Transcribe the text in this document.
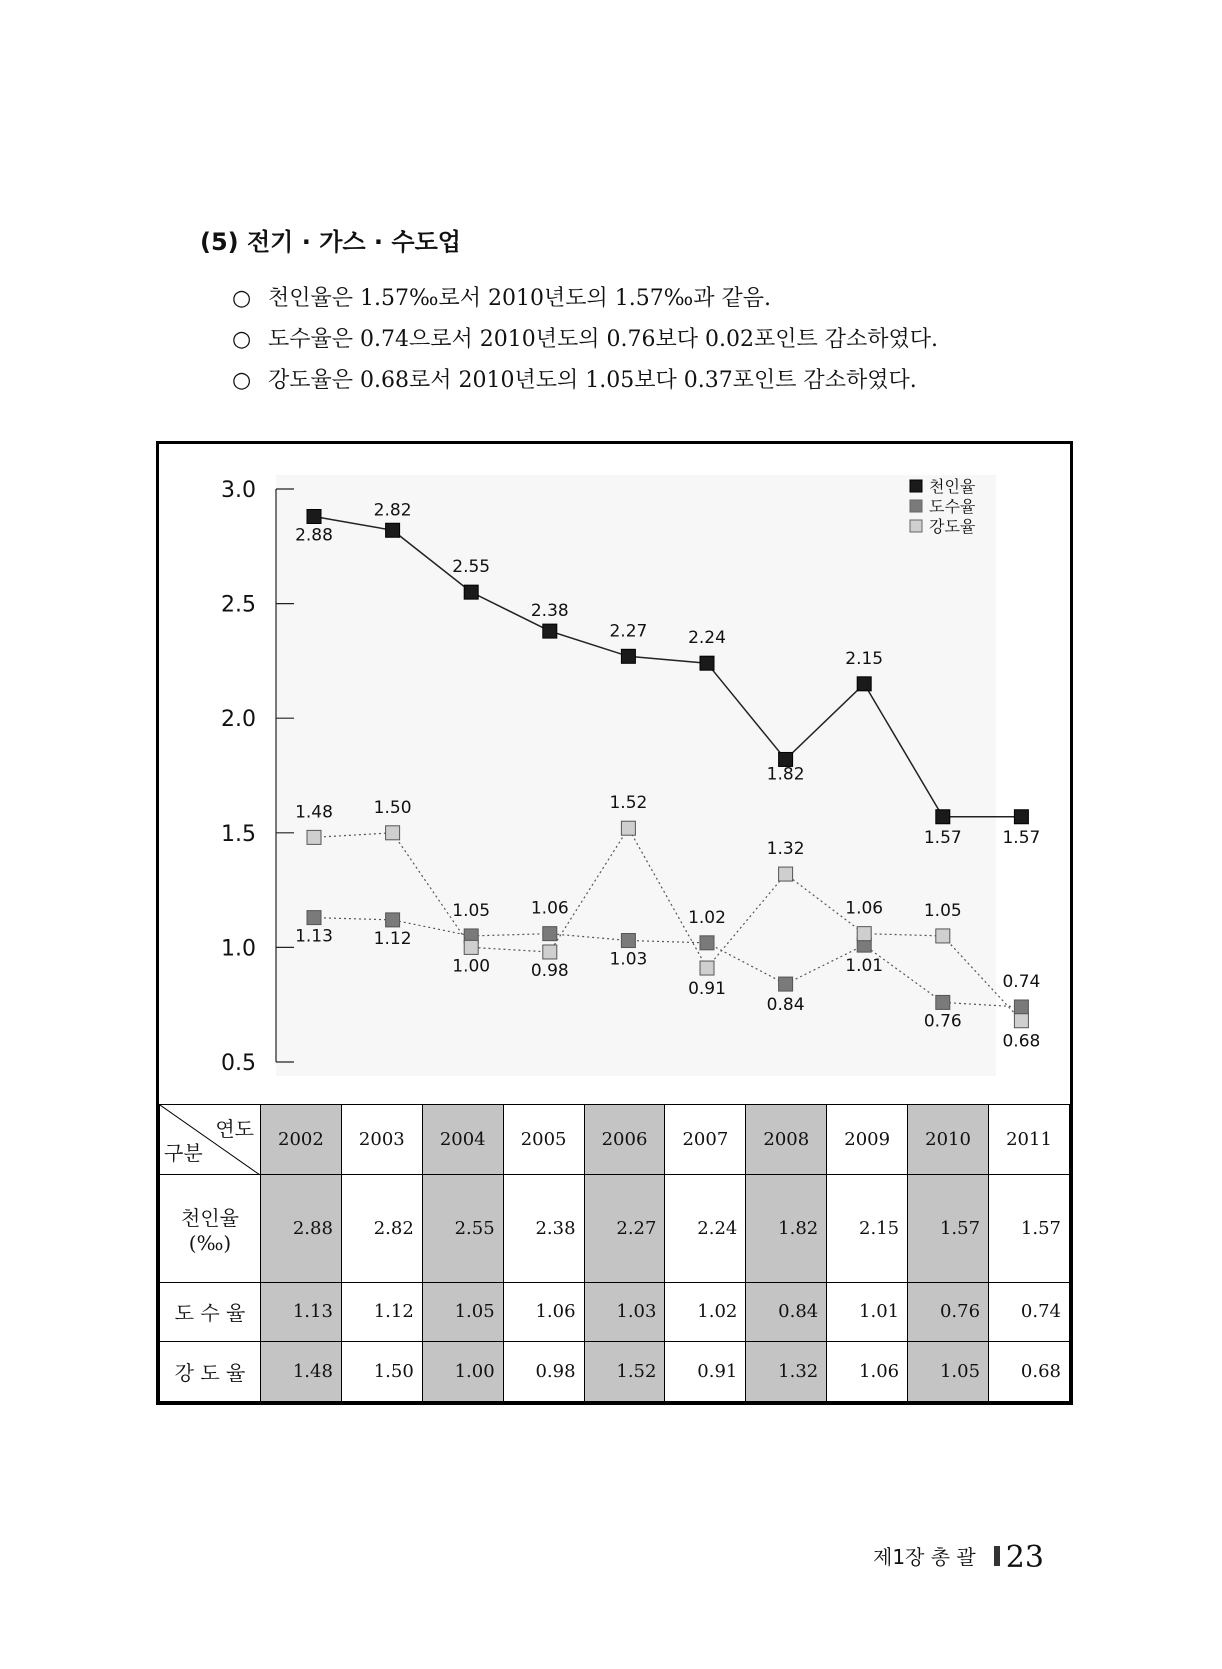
(5) 전기 · 가스 · 수도업
○ 천인율은 1.57‰로서 2010년도의 1.57‰과 같음.
○ 도수율은 0.74으로서 2010년도의 0.76보다 0.02포인트 감소하였다.
○ 강도율은 0.68로서 2010년도의 1.05보다 0.37포인트 감소하였다.
3.0
2.5
2.0
1.5
1.0
0.5
2.88
2.82
2.55
2.38
2.27 2.24
1.82
2.15
1.57 1.57
1.13 1.12
1.05 1.06
1.03
1.02
0.84
1.01
0.76
0.74
1.48 1.50
1.00 0.98
1.52
0.91
1.32
1.06 1.05
0.68
천인율
도수율
강도율
연도
구분	2002	2003	2004	2005	2006	2007	2008	2009	2010	2011
천인율(‰)	2.88	2.82	2.55	2.38	2.27	2.24	1.82	2.15	1.57	1.57
도 수 율	1.13	1.12	1.05	1.06	1.03	1.02	0.84	1.01	0.76	0.74
강 도 율	1.48	1.50	1.00	0.98	1.52	0.91	1.32	1.06	1.05	0.68
제1장 총 괄 23
